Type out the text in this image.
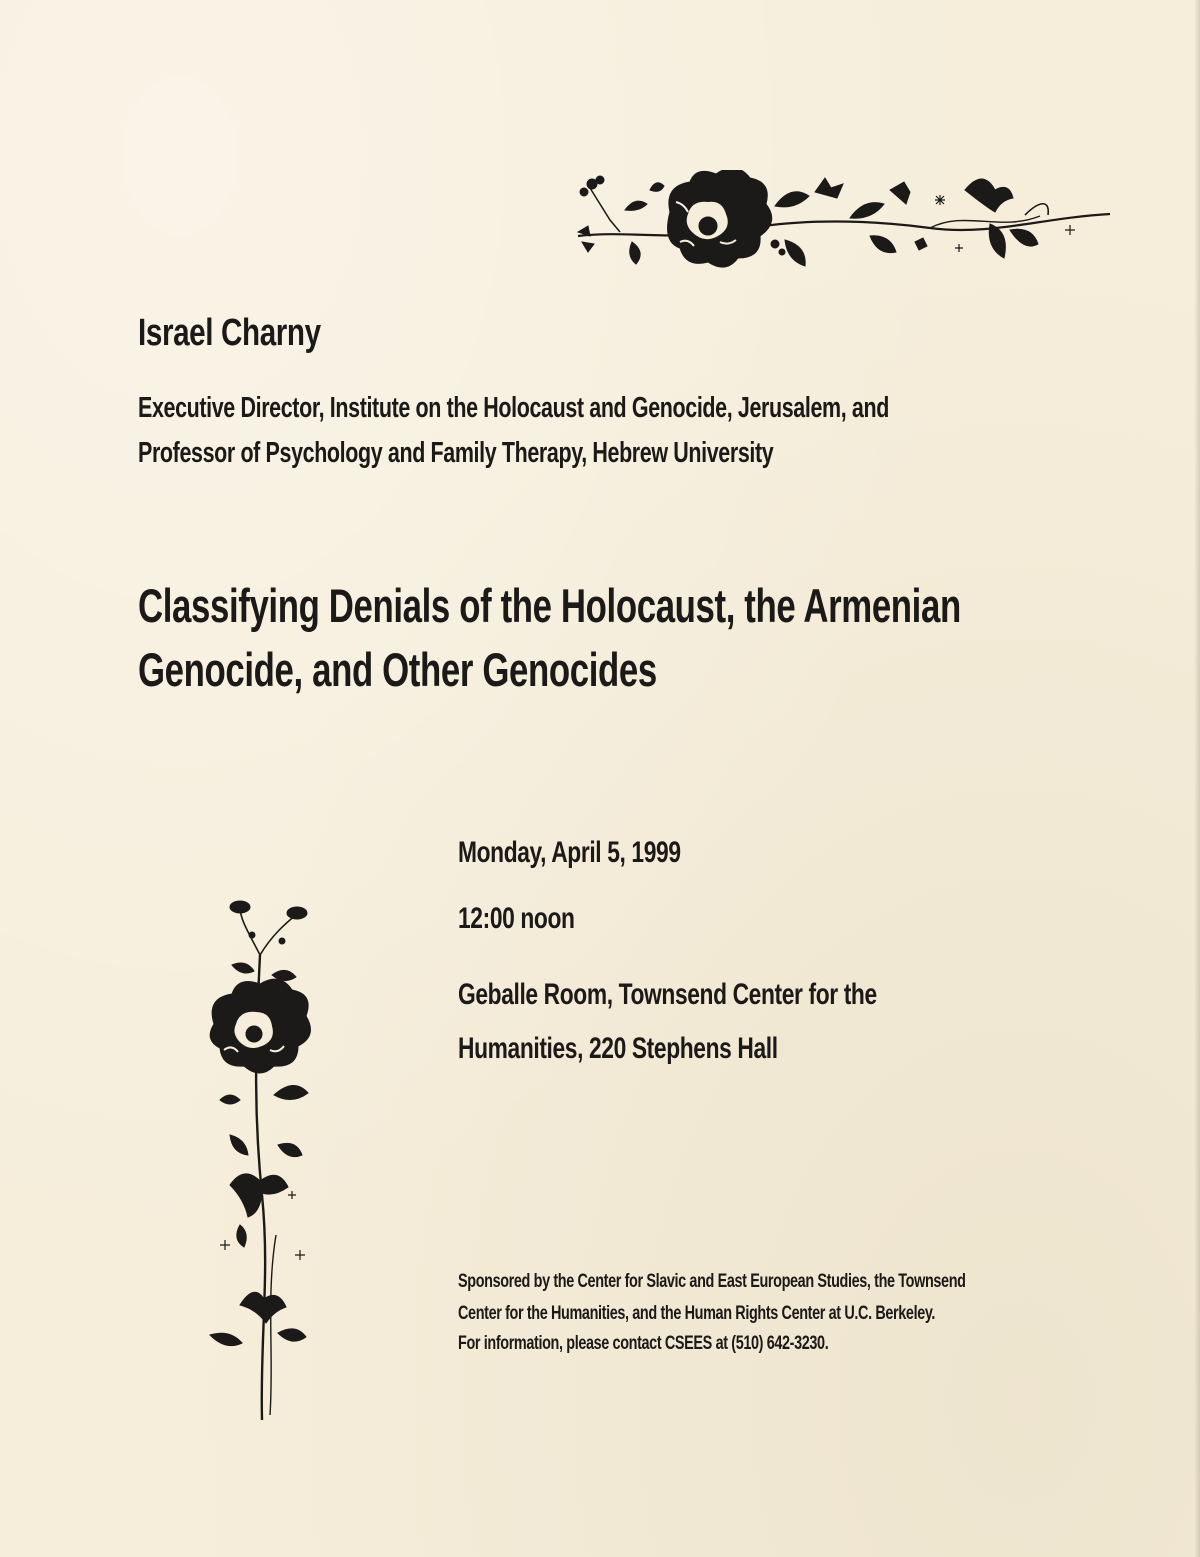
Israel Charny
Executive Director, Institute on the Holocaust and Genocide, Jerusalem, and
Professor of Psychology and Family Therapy, Hebrew University
Classifying Denials of the Holocaust, the Armenian
Genocide, and Other Genocides
Monday, April 5, 1999
12:00 noon
Geballe Room, Townsend Center for the
Humanities, 220 Stephens Hall
Sponsored by the Center for Slavic and East European Studies, the Townsend
Center for the Humanities, and the Human Rights Center at U.C. Berkeley.
For information, please contact CSEES at (510) 642-3230.
